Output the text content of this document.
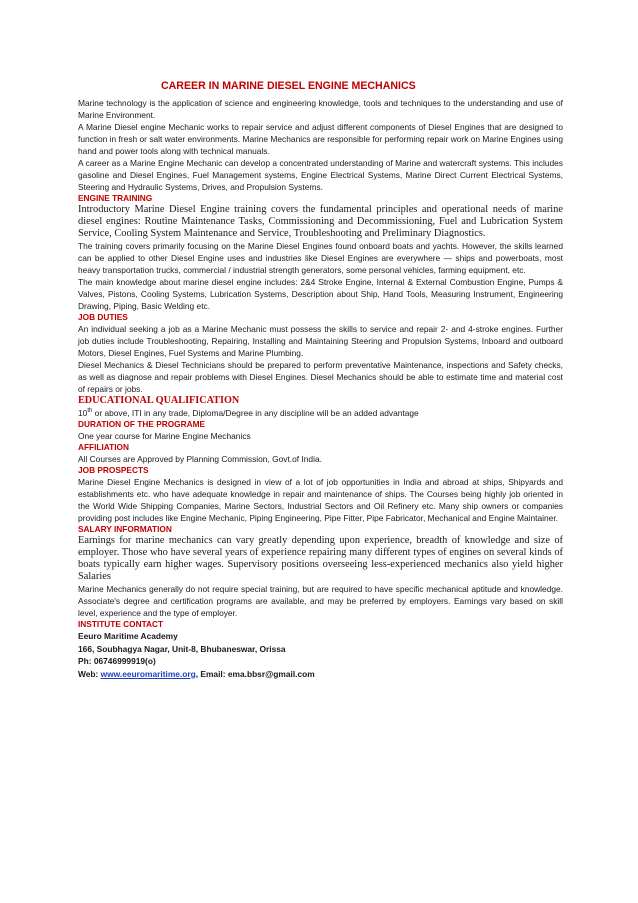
CAREER IN MARINE DIESEL ENGINE MECHANICS

Marine technology is the application of science and engineering knowledge, tools and techniques to the understanding and use of Marine Environment.

A Marine Diesel engine Mechanic works to repair service and adjust different components of Diesel Engines that are designed to function in fresh or salt water environments. Marine Mechanics are responsible for performing repair work on Marine Engines using hand and power tools along with technical manuals.

A career as a Marine Engine Mechanic can develop a concentrated understanding of Marine and watercraft systems. This includes gasoline and Diesel Engines, Fuel Management systems, Engine Electrical Systems, Marine Direct Current Electrical Systems, Steering and Hydraulic Systems, Drives, and Propulsion Systems.

ENGINE TRAINING

Introductory Marine Diesel Engine training covers the fundamental principles and operational needs of marine diesel engines: Routine Maintenance Tasks, Commissioning and Decommissioning, Fuel and Lubrication System Service, Cooling System Maintenance and Service, Troubleshooting and Preliminary Diagnostics.

The training covers primarily focusing on the Marine Diesel Engines found onboard boats and yachts. However, the skills learned can be applied to other Diesel Engine uses and industries like Diesel Engines are everywhere — ships and powerboats, most heavy transportation trucks, commercial / industrial strength generators, some personal vehicles, farming equipment, etc.

The main knowledge about marine diesel engine includes: 2&4 Stroke Engine, Internal & External Combustion Engine, Pumps & Valves, Pistons, Cooling Systems, Lubrication Systems, Description about Ship, Hand Tools, Measuring Instrument, Engineering Drawing, Piping, Basic Welding etc.

JOB DUTIES

An individual seeking a job as a Marine Mechanic must possess the skills to service and repair 2- and 4-stroke engines. Further job duties include Troubleshooting, Repairing, Installing and Maintaining Steering and Propulsion Systems, Inboard and outboard Motors, Diesel Engines, Fuel Systems and Marine Plumbing.

Diesel Mechanics & Diesel Technicians should be prepared to perform preventative Maintenance, inspections and Safety checks, as well as diagnose and repair problems with Diesel Engines. Diesel Mechanics should be able to estimate time and material cost of repairs or jobs.

EDUCATIONAL QUALIFICATION

10th or above, ITI in any trade, Diploma/Degree in any discipline will be an added advantage

DURATION OF THE PROGRAME

One year course for Marine Engine Mechanics

AFFILIATION

All Courses are Approved by Planning Commission, Govt.of India.

JOB PROSPECTS

Marine Diesel Engine Mechanics is designed in view of a lot of job opportunities in India and abroad at ships, Shipyards and establishments etc. who have adequate knowledge in repair and maintenance of ships. The Courses being highly job oriented in the World Wide Shipping Companies, Marine Sectors, Industrial Sectors and Oil Refinery etc. Many ship owners or companies providing post includes like Engine Mechanic, Piping Engineering, Pipe Fitter, Pipe Fabricator, Mechanical and Engine Maintainer.

SALARY INFORMATION

Earnings for marine mechanics can vary greatly depending upon experience, breadth of knowledge and size of employer. Those who have several years of experience repairing many different types of engines on several kinds of boats typically earn higher wages. Supervisory positions overseeing less-experienced mechanics also yield higher Salaries

Marine Mechanics generally do not require special training, but are required to have specific mechanical aptitude and knowledge. Associate's degree and certification programs are available, and may be preferred by employers. Earnings vary based on skill level, experience and the type of employer.

INSTITUTE CONTACT

Eeuro Maritime Academy

166, Soubhagya Nagar, Unit-8, Bhubaneswar, Orissa

Ph: 06746999919(o)

Web: www.eeuromaritime.org, Email: ema.bbsr@gmail.com
